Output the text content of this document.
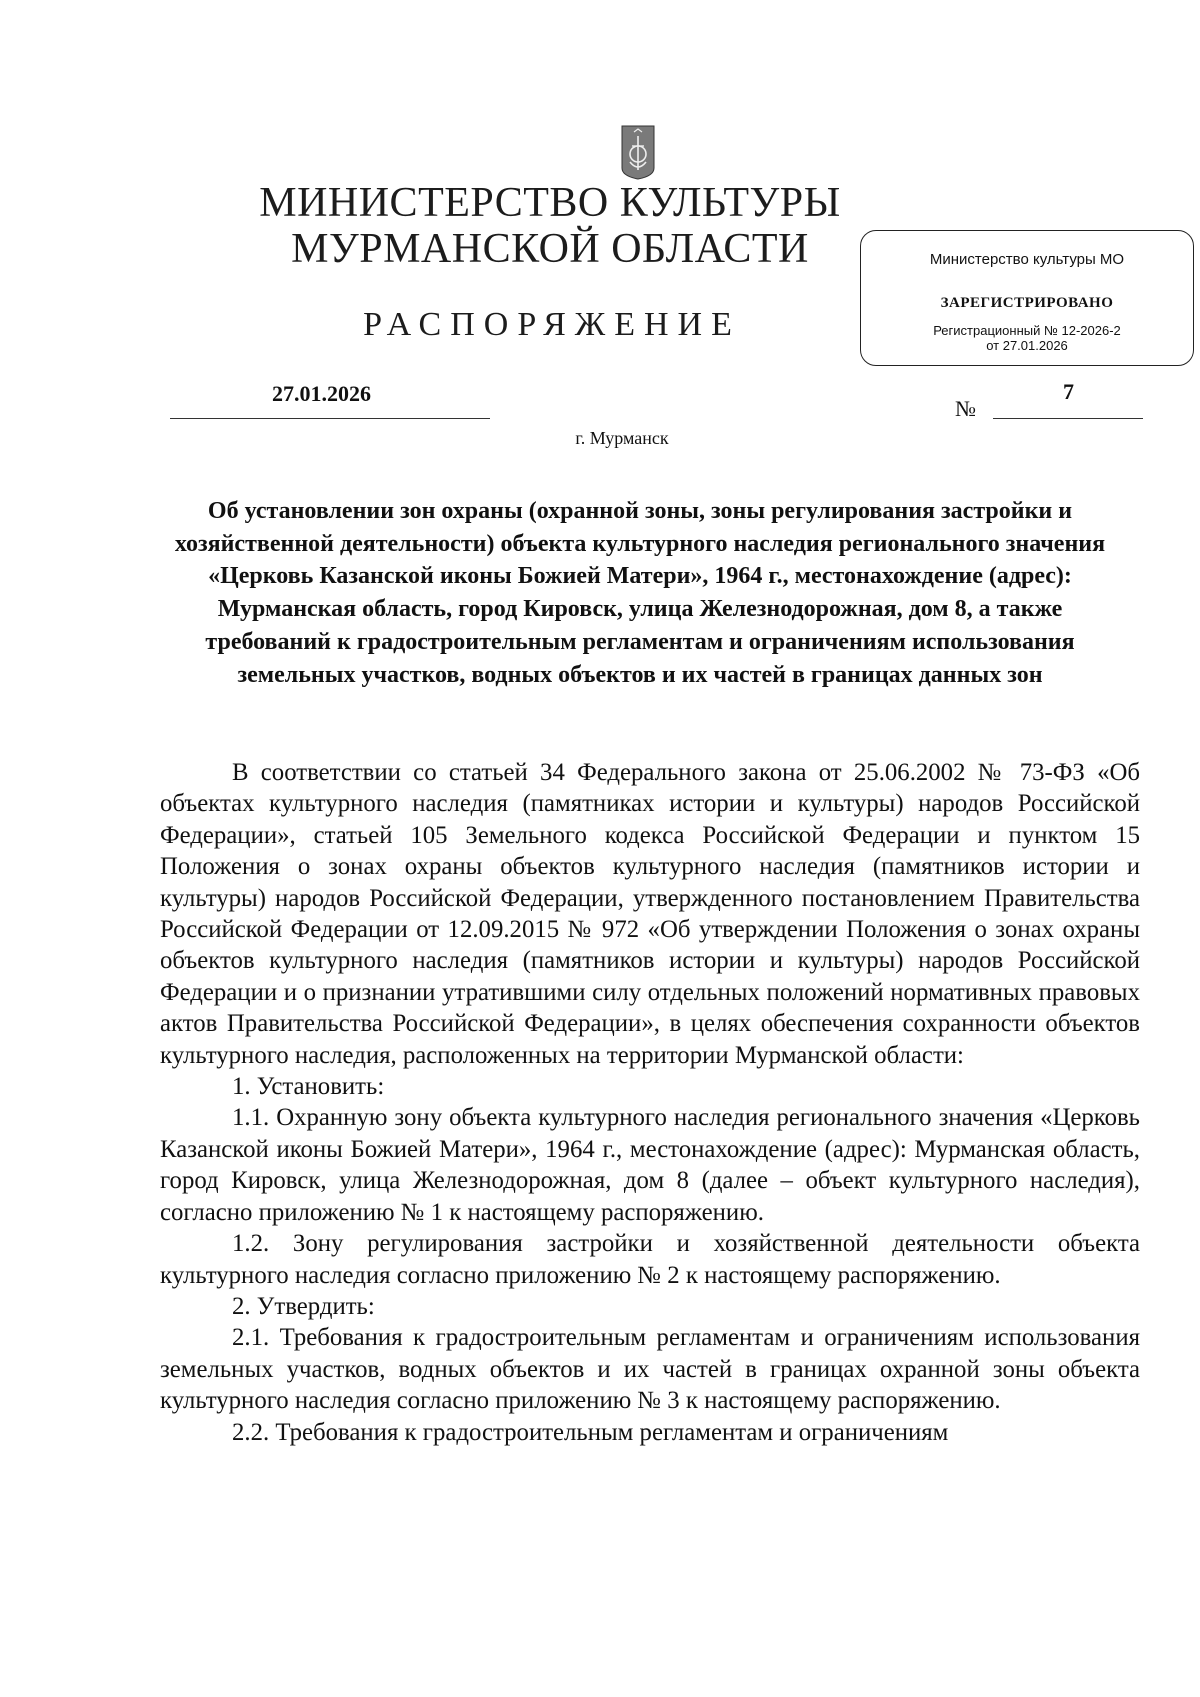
МИНИСТЕРСТВО КУЛЬТУРЫ
МУРМАНСКОЙ ОБЛАСТИ
РАСПОРЯЖЕНИЕ
Министерство культуры МО
ЗАРЕГИСТРИРОВАНО
Регистрационный № 12-2026-2
от 27.01.2026
27.01.2026
№
7
г. Мурманск
Об установлении зон охраны (охранной зоны, зоны регулирования застройки и хозяйственной деятельности) объекта культурного наследия регионального значения «Церковь Казанской иконы Божией Матери», 1964 г., местонахождение (адрес): Мурманская область, город Кировск, улица Железнодорожная, дом 8, а также требований к градостроительным регламентам и ограничениям использования земельных участков, водных объектов и их частей в границах данных зон

В соответствии со статьей 34 Федерального закона от 25.06.2002 № 73-ФЗ «Об объектах культурного наследия (памятниках истории и культуры) народов Российской Федерации», статьей 105 Земельного кодекса Российской Федерации и пунктом 15 Положения о зонах охраны объектов культурного наследия (памятников истории и культуры) народов Российской Федерации, утвержденного постановлением Правительства Российской Федерации от 12.09.2015 № 972 «Об утверждении Положения о зонах охраны объектов культурного наследия (памятников истории и культуры) народов Российской Федерации и о признании утратившими силу отдельных положений нормативных правовых актов Правительства Российской Федерации», в целях обеспечения сохранности объектов культурного наследия, расположенных на территории Мурманской области:

1. Установить:

1.1. Охранную зону объекта культурного наследия регионального значения «Церковь Казанской иконы Божией Матери», 1964 г., местонахождение (адрес): Мурманская область, город Кировск, улица Железнодорожная, дом 8 (далее – объект культурного наследия), согласно приложению № 1 к настоящему распоряжению.

1.2. Зону регулирования застройки и хозяйственной деятельности объекта культурного наследия согласно приложению № 2 к настоящему распоряжению.

2. Утвердить:

2.1. Требования к градостроительным регламентам и ограничениям использования земельных участков, водных объектов и их частей в границах охранной зоны объекта культурного наследия согласно приложению № 3 к настоящему распоряжению.

2.2. Требования к градостроительным регламентам и ограничениям
